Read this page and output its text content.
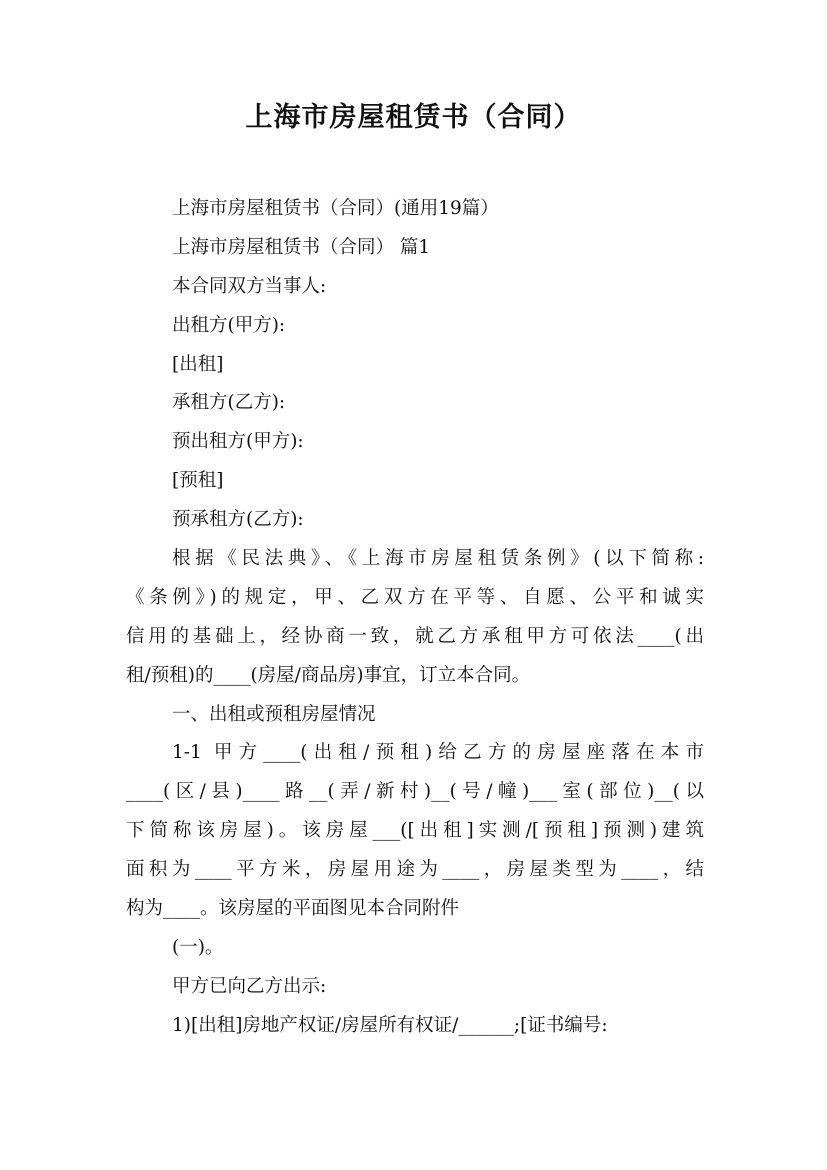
上海市房屋租赁书（合同）
上海市房屋租赁书（合同）(通用19篇）
上海市房屋租赁书（合同） 篇1
本合同双方当事人:
出租方(甲方):
[出租]
承租方(乙方):
预出租方(甲方):
[预租]
预承租方(乙方):
根据《民法典》、《上海市房屋租赁条例》(以下简称:
《条例》)的规定，甲、乙双方在平等、自愿、公平和诚实
信用的基础上，经协商一致，就乙方承租甲方可依法____(出
租/预租)的____(房屋/商品房)事宜，订立本合同。
一、出租或预租房屋情况
1-1 甲方____(出租/预租)给乙方的房屋座落在本市
____(区/县)____路__(弄/新村)__(号/幢)___室(部位)__(以
下简称该房屋)。该房屋___([出租]实测/[预租]预测)建筑
面积为____平方米，房屋用途为____，房屋类型为____，结
构为____。该房屋的平面图见本合同附件
(一)。
甲方已向乙方出示:
1)[出租]房地产权证/房屋所有权证/______;[证书编号:
